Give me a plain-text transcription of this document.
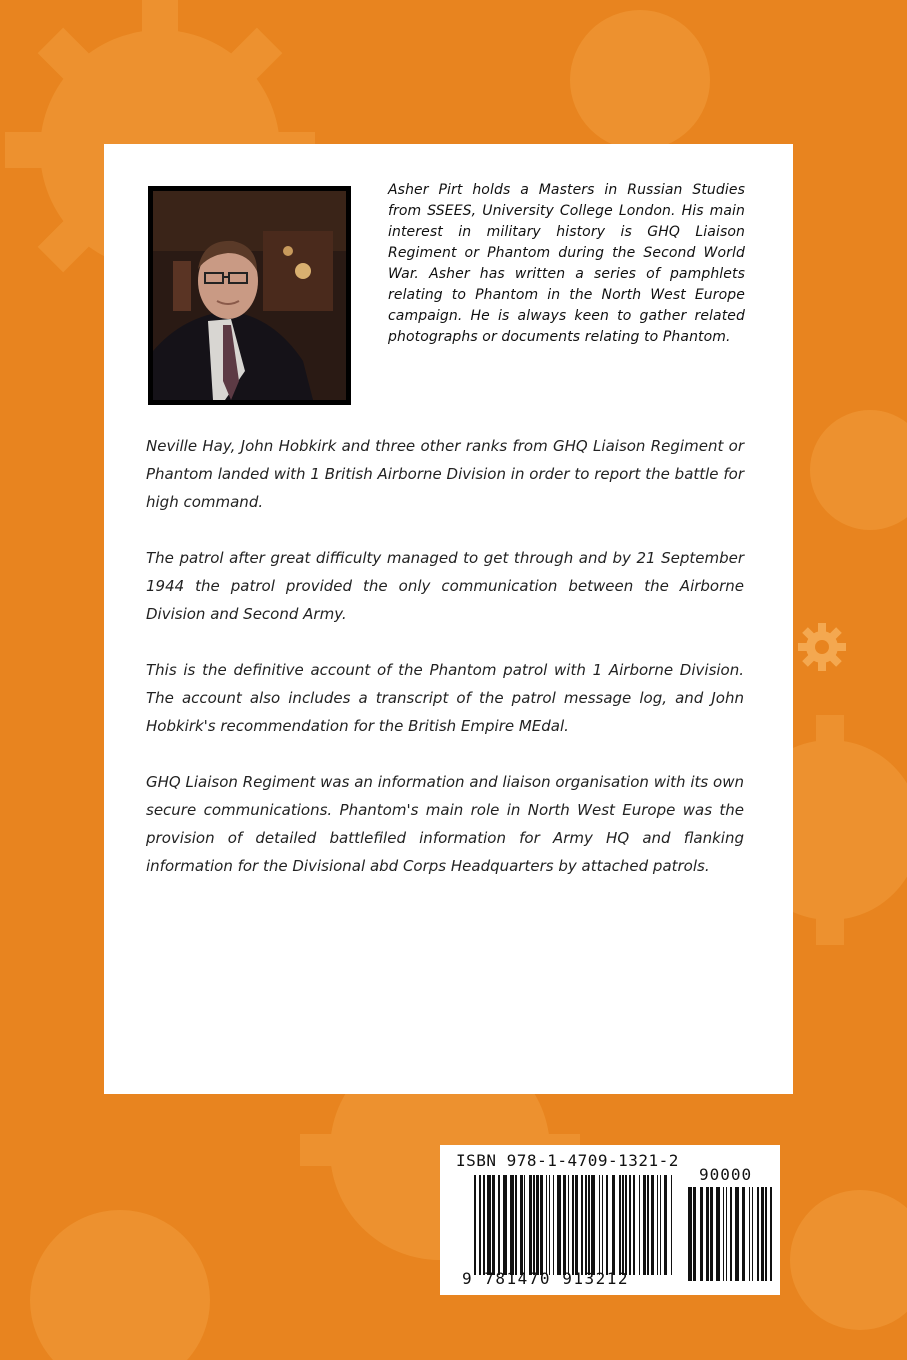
Asher Pirt holds a Masters in Russian Studies from SSEES, University College London. His main interest in military history is GHQ Liaison Regiment or Phantom during the Second World War. Asher has written a series of pamphlets relating to Phantom in the North West Europe campaign. He is always keen to gather related photographs or documents relating to Phantom.

Neville Hay, John Hobkirk and three other ranks from GHQ Liaison Regiment or Phantom landed with 1 British Airborne Division in order to report the battle for high command.

The patrol after great difficulty managed to get through and by 21 September 1944 the patrol provided the only communication between the Airborne Division and Second Army.

This is the definitive account of the Phantom patrol with 1 Airborne Division. The account also includes a transcript of the patrol message log, and John Hobkirk's recommendation for the British Empire MEdal.

GHQ Liaison Regiment was an information and liaison organisation with its own secure communications. Phantom's main role in North West Europe was the provision of detailed battlefiled information for Army HQ and flanking information for the Divisional abd Corps Headquarters by attached patrols.

ISBN 978-1-4709-1321-2
90000
9 781470 913212
